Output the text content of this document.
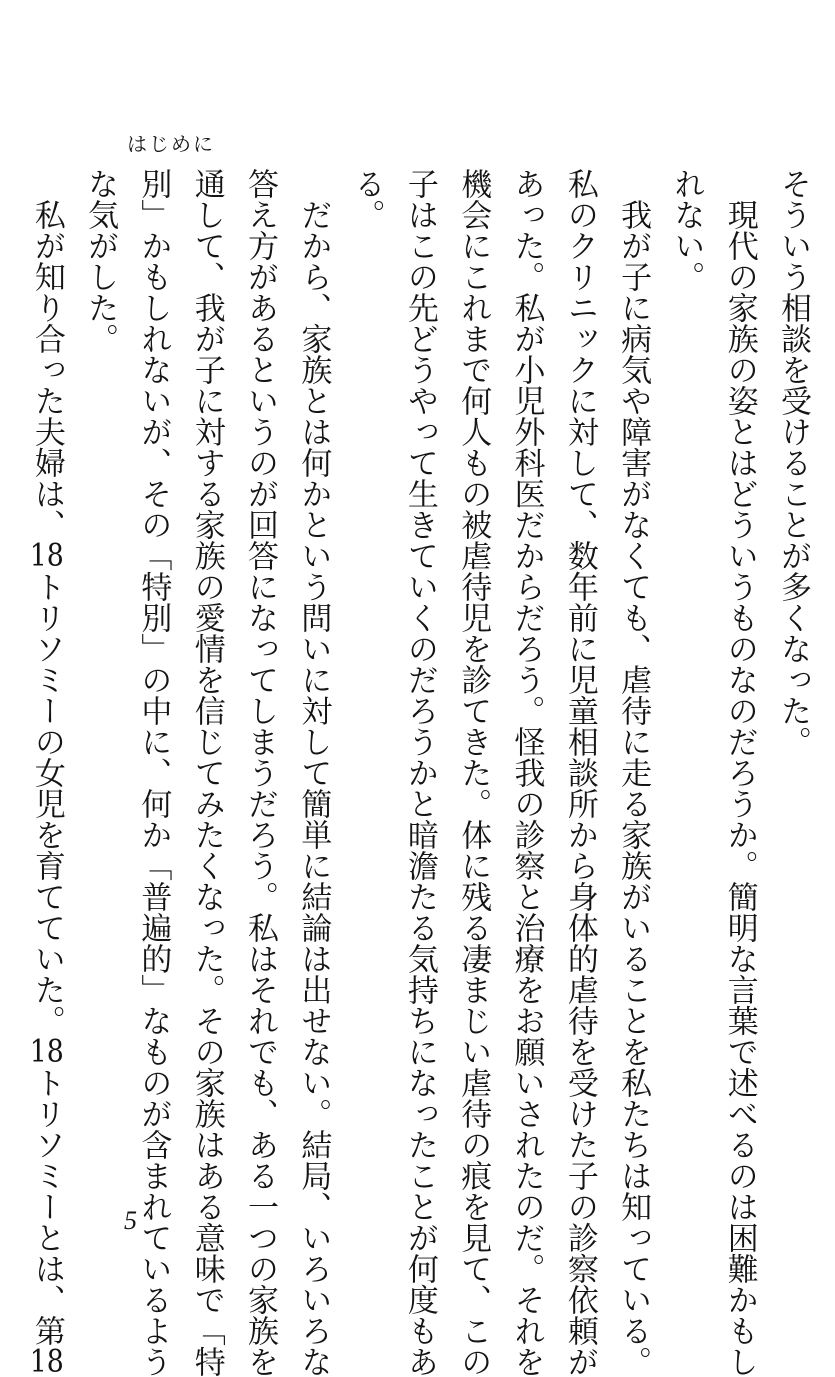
はじめに
そういう相談を受けることが多くなった。
　現代の家族の姿とはどういうものなのだろうか。簡明な言葉で述べるのは困難かもし
れない。
　我が子に病気や障害がなくても、虐待に走る家族がいることを私たちは知っている。
私のクリニックに対して、数年前に児童相談所から身体的虐待を受けた子の診察依頼が
あった。私が小児外科医だからだろう。怪我の診察と治療をお願いされたのだ。それを
機会にこれまで何人もの被虐待児を診てきた。体に残る凄まじい虐待の痕を見て、この
子はこの先どうやって生きていくのだろうかと暗澹たる気持ちになったことが何度もあ
る。
　だから、家族とは何かという問いに対して簡単に結論は出せない。結局、いろいろな
答え方があるというのが回答になってしまうだろう。私はそれでも、ある一つの家族を
通して、我が子に対する家族の愛情を信じてみたくなった。その家族はある意味で「特
別」かもしれないが、その「特別」の中に、何か「普遍的」なものが含まれているよう
な気がした。
　私が知り合った夫婦は、18トリソミーの女児を育てていた。18トリソミーとは、第18
5
